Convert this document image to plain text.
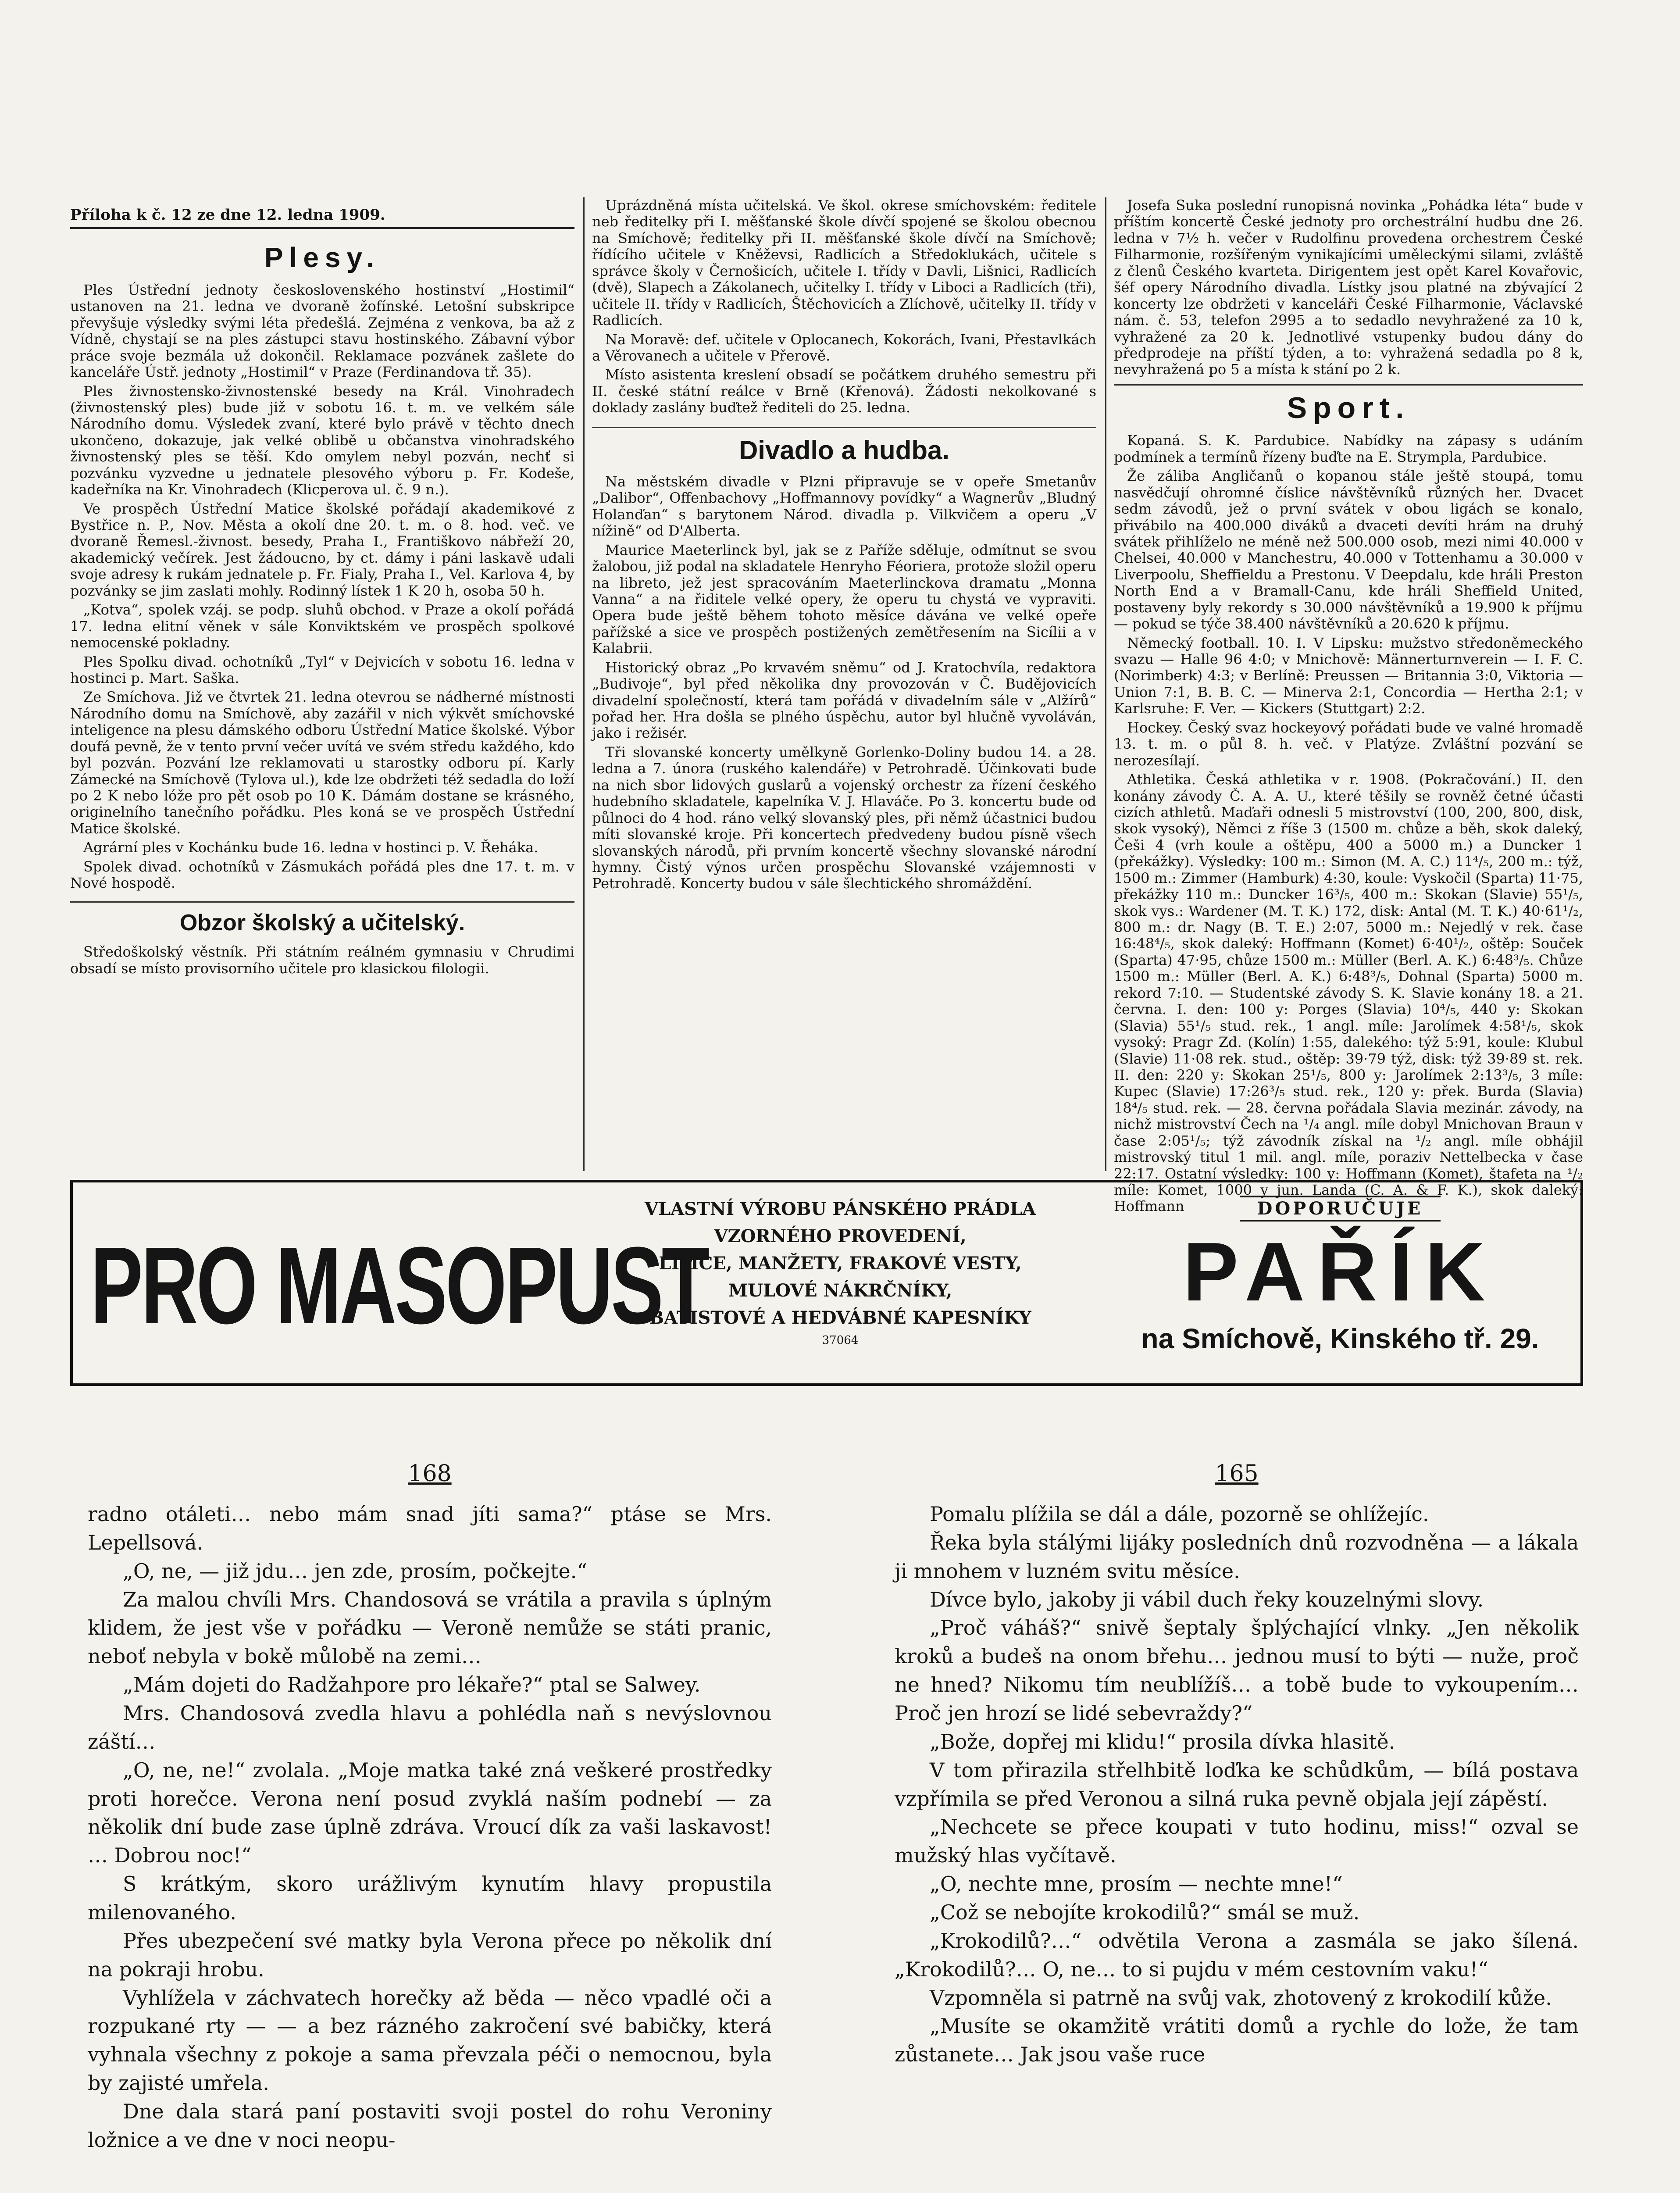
Příloha k č. 12 ze dne 12. ledna 1909.
Plesy.

Ples Ústřední jednoty československého hostinství „Hostimil“ ustanoven na 21. ledna ve dvoraně žofínské. Letošní subskripce převyšuje výsledky svými léta předešlá. Zejména z venkova, ba až z Vídně, chystají se na ples zástupci stavu hostinského. Zábavní výbor práce svoje bezmála už dokončil. Reklamace pozvánek zašlete do kanceláře Ústř. jednoty „Hostimil“ v Praze (Ferdinandova tř. 35).

Ples živnostensko-živnostenské besedy na Král. Vinohradech (živnostenský ples) bude již v sobotu 16. t. m. ve velkém sále Národního domu. Výsledek zvaní, které bylo právě v těchto dnech ukončeno, dokazuje, jak velké oblibě u občanstva vinohradského živnostenský ples se těší. Kdo omylem nebyl pozván, nechť si pozvánku vyzvedne u jednatele plesového výboru p. Fr. Kodeše, kadeřníka na Kr. Vinohradech (Klicperova ul. č. 9 n.).

Ve prospěch Ústřední Matice školské pořádají akademikové z Bystřice n. P., Nov. Města a okolí dne 20. t. m. o 8. hod. več. ve dvoraně Řemesl.-živnost. besedy, Praha I., Františkovo nábřeží 20, akademický večírek. Jest žádoucno, by ct. dámy i páni laskavě udali svoje adresy k rukám jednatele p. Fr. Fialy, Praha I., Vel. Karlova 4, by pozvánky se jim zaslati mohly. Rodinný lístek 1 K 20 h, osoba 50 h.

„Kotva“, spolek vzáj. se podp. sluhů obchod. v Praze a okolí pořádá 17. ledna elitní věnek v sále Konviktském ve prospěch spolkové nemocenské pokladny.

Ples Spolku divad. ochotníků „Tyl“ v Dejvicích v sobotu 16. ledna v hostinci p. Mart. Saška.

Ze Smíchova. Již ve čtvrtek 21. ledna otevrou se nádherné místnosti Národního domu na Smíchově, aby zazářil v nich výkvět smíchovské inteligence na plesu dámského odboru Ústřední Matice školské. Výbor doufá pevně, že v tento první večer uvítá ve svém středu každého, kdo byl pozván. Pozvání lze reklamovati u starostky odboru pí. Karly Zámecké na Smíchově (Tylova ul.), kde lze obdržeti též sedadla do loží po 2 K nebo lóže pro pět osob po 10 K. Dámám dostane se krásného, originelního tanečního pořádku. Ples koná se ve prospěch Ústřední Matice školské.

Agrární ples v Kochánku bude 16. ledna v hostinci p. V. Řeháka.

Spolek divad. ochotníků v Zásmukách pořádá ples dne 17. t. m. v Nové hospodě.

Obzor školský a učitelský.

Středoškolský věstník. Při státním reálném gymnasiu v Chrudimi obsadí se místo provisorního učitele pro klasickou filologii.

Uprázdněná místa učitelská. Ve škol. okrese smíchovském: ředitele neb ředitelky při I. měšťanské škole dívčí spojené se školou obecnou na Smíchově; ředitelky při II. měšťanské škole dívčí na Smíchově; řídícího učitele v Kněževsi, Radlicích a Středoklukách, učitele s správce školy v Černošicích, učitele I. třídy v Davli, Lišnici, Radlicích (dvě), Slapech a Zákolanech, učitelky I. třídy v Liboci a Radlicích (tři), učitele II. třídy v Radlicích, Štěchovicích a Zlíchově, učitelky II. třídy v Radlicích.

Na Moravě: def. učitele v Oplocanech, Kokorách, Ivani, Přestavlkách a Věrovanech a učitele v Přerově.

Místo asistenta kreslení obsadí se počátkem druhého semestru při II. české státní reálce v Brně (Křenová). Žádosti nekolkované s doklady zaslány buďtež řediteli do 25. ledna.

Divadlo a hudba.

Na městském divadle v Plzni připravuje se v opeře Smetanův „Dalibor“, Offenbachovy „Hoffmannovy povídky“ a Wagnerův „Bludný Holanďan“ s barytonem Národ. divadla p. Vilkvičem a operu „V nížině“ od D'Alberta.

Maurice Maeterlinck byl, jak se z Paříže sděluje, odmítnut se svou žalobou, již podal na skladatele Henryho Féoriera, protože složil operu na libreto, jež jest spracováním Maeterlinckova dramatu „Monna Vanna“ a na řiditele velké opery, že operu tu chystá ve vypraviti. Opera bude ještě během tohoto měsíce dávána ve velké opeře pařížské a sice ve prospěch postižených zemětřesením na Sicílii a v Kalabrii.

Historický obraz „Po krvavém sněmu“ od J. Kratochvíla, redaktora „Budivoje“, byl před několika dny provozován v Č. Budějovicích divadelní společností, která tam pořádá v divadelním sále v „Alžírů“ pořad her. Hra došla se plného úspěchu, autor byl hlučně vyvoláván, jako i režisér.

Tři slovanské koncerty umělkyně Gorlenko-Doliny budou 14. a 28. ledna a 7. února (ruského kalendáře) v Petrohradě. Účinkovati bude na nich sbor lidových guslarů a vojenský orchestr za řízení českého hudebního skladatele, kapelníka V. J. Hlaváče. Po 3. koncertu bude od půlnoci do 4 hod. ráno velký slovanský ples, při němž účastnici budou míti slovanské kroje. Při koncertech předvedeny budou písně všech slovanských národů, při prvním koncertě všechny slovanské národní hymny. Čistý výnos určen prospěchu Slovanské vzájemnosti v Petrohradě. Koncerty budou v sále šlechtického shromáždění.

Josefa Suka poslední runopisná novinka „Pohádka léta“ bude v příštím koncertě České jednoty pro orchestrální hudbu dne 26. ledna v 7½ h. večer v Rudolfinu provedena orchestrem České Filharmonie, rozšířeným vynikajícími uměleckými silami, zvláště z členů Českého kvarteta. Dirigentem jest opět Karel Kovařovic, šéf opery Národního divadla. Lístky jsou platné na zbývající 2 koncerty lze obdržeti v kanceláři České Filharmonie, Václavské nám. č. 53, telefon 2995 a to sedadlo nevyhražené za 10 k, vyhražené za 20 k. Jednotlivé vstupenky budou dány do předprodeje na příští týden, a to: vyhražená sedadla po 8 k, nevyhražená po 5 a místa k stání po 2 k.

Sport.

Kopaná. S. K. Pardubice. Nabídky na zápasy s udáním podmínek a termínů řízeny buďte na E. Strympla, Pardubice.

Že záliba Angličanů o kopanou stále ještě stoupá, tomu nasvědčují ohromné číslice návštěvníků různých her. Dvacet sedm závodů, jež o první svátek v obou ligách se konalo, přivábilo na 400.000 diváků a dvaceti devíti hrám na druhý svátek přihlíželo ne méně než 500.000 osob, mezi nimi 40.000 v Chelsei, 40.000 v Manchestru, 40.000 v Tottenhamu a 30.000 v Liverpoolu, Sheffieldu a Prestonu. V Deepdalu, kde hráli Preston North End a v Bramall-Canu, kde hráli Sheffield United, postaveny byly rekordy s 30.000 návštěvníků a 19.900 k příjmu — pokud se týče 38.400 návštěvníků a 20.620 k příjmu.

Německý football. 10. I. V Lipsku: mužstvo středoněmeckého svazu — Halle 96 4:0; v Mnichově: Männerturnverein — I. F. C. (Norimberk) 4:3; v Berlíně: Preussen — Britannia 3:0, Viktoria — Union 7:1, B. B. C. — Minerva 2:1, Concordia — Hertha 2:1; v Karlsruhe: F. Ver. — Kickers (Stuttgart) 2:2.

Hockey. Český svaz hockeyový pořádati bude ve valné hromadě 13. t. m. o půl 8. h. več. v Platýze. Zvláštní pozvání se nerozesílají.

Athletika. Česká athletika v r. 1908. (Pokračování.) II. den konány závody Č. A. A. U., které těšily se rovněž četné účasti cizích athletů. Maďaři odnesli 5 mistrovství (100, 200, 800, disk, skok vysoký), Němci z říše 3 (1500 m. chůze a běh, skok daleký, Češi 4 (vrh koule a oštěpu, 400 a 5000 m.) a Duncker 1 (překážky). Výsledky: 100 m.: Simon (M. A. C.) 11⁴/₅, 200 m.: týž, 1500 m.: Zimmer (Hamburk) 4:30, koule: Vyskočil (Sparta) 11·75, překážky 110 m.: Duncker 16³/₅, 400 m.: Skokan (Slavie) 55¹/₅, skok vys.: Wardener (M. T. K.) 172, disk: Antal (M. T. K.) 40·61¹/₂, 800 m.: dr. Nagy (B. T. E.) 2:07, 5000 m.: Nejedlý v rek. čase 16:48⁴/₅, skok daleký: Hoffmann (Komet) 6·40¹/₂, oštěp: Souček (Sparta) 47·95, chůze 1500 m.: Müller (Berl. A. K.) 6:48³/₅. Chůze 1500 m.: Müller (Berl. A. K.) 6:48³/₅, Dohnal (Sparta) 5000 m. rekord 7:10. — Studentské závody S. K. Slavie konány 18. a 21. června. I. den: 100 y: Porges (Slavia) 10⁴/₅, 440 y: Skokan (Slavia) 55¹/₅ stud. rek., 1 angl. míle: Jarolímek 4:58¹/₅, skok vysoký: Pragr Zd. (Kolín) 1:55, dalekého: týž 5:91, koule: Klubul (Slavie) 11·08 rek. stud., oštěp: 39·79 týž, disk: týž 39·89 st. rek. II. den: 220 y: Skokan 25¹/₅, 800 y: Jarolímek 2:13³/₅, 3 míle: Kupec (Slavie) 17:26³/₅ stud. rek., 120 y: přek. Burda (Slavia) 18⁴/₅ stud. rek. — 28. června pořádala Slavia mezinár. závody, na nichž mistrovství Čech na ¹/₄ angl. míle dobyl Mnichovan Braun v čase 2:05¹/₅; týž závodník získal na ¹/₂ angl. míle obhájil mistrovský titul 1 mil. angl. míle, poraziv Nettelbecka v čase 22:17. Ostatní výsledky: 100 y: Hoffmann (Komet), štafeta na ¹/₂ míle: Komet, 1000 y jun. Landa (C. A. & F. K.), skok daleký: Hoffmann

PRO MASOPUST
VLASTNÍ VÝROBU PÁNSKÉHO PRÁDLA
VZORNÉHO PROVEDENÍ,
LÍMCE, MANŽETY, FRAKOVÉ VESTY,
MULOVÉ NÁKRČNÍKY,
BATISTOVÉ A HEDVÁBNÉ KAPESNÍKY
37064
DOPORUČUJE
PAŘÍK
na Smíchově, Kinského tř. 29.
168

radno otáleti… nebo mám snad jíti sama?“ ptáse se Mrs. Lepellsová.

„O, ne, — již jdu… jen zde, prosím, počkejte.“

Za malou chvíli Mrs. Chandosová se vrátila a pravila s úplným klidem, že jest vše v pořádku — Veroně nemůže se státi pranic, neboť nebyla v bokě můlobě na zemi…

„Mám dojeti do Radžahpore pro lékaře?“ ptal se Salwey.

Mrs. Chandosová zvedla hlavu a pohlédla naň s nevýslovnou záští…

„O, ne, ne!“ zvolala. „Moje matka také zná veškeré prostředky proti horečce. Verona není posud zvyklá naším podnebí — za několik dní bude zase úplně zdráva. Vroucí dík za vaši laskavost! … Dobrou noc!“

S krátkým, skoro urážlivým kynutím hlavy propustila milenovaného.

Přes ubezpečení své matky byla Verona přece po několik dní na pokraji hrobu.

Vyhlížela v záchvatech horečky až běda — něco vpadlé oči a rozpukané rty — — a bez rázného zakročení své babičky, která vyhnala všechny z pokoje a sama převzala péči o nemocnou, byla by zajisté umřela.

Dne dala stará paní postaviti svoji postel do rohu Veroniny ložnice a ve dne v noci neopu-

165

Pomalu plížila se dál a dále, pozorně se ohlížejíc.

Řeka byla stálými lijáky posledních dnů rozvodněna — a lákala ji mnohem v luzném svitu měsíce.

Dívce bylo, jakoby ji vábil duch řeky kouzelnými slovy.

„Proč váháš?“ snivě šeptaly šplýchající vlnky. „Jen několik kroků a budeš na onom břehu… jednou musí to býti — nuže, proč ne hned? Nikomu tím neublížíš… a tobě bude to vykoupením… Proč jen hrozí se lidé sebevraždy?“

„Bože, dopřej mi klidu!“ prosila dívka hlasitě.

V tom přirazila střelhbitě loďka ke schůdkům, — bílá postava vzpřímila se před Veronou a silná ruka pevně objala její zápěstí.

„Nechcete se přece koupati v tuto hodinu, miss!“ ozval se mužský hlas vyčítavě.

„O, nechte mne, prosím — nechte mne!“

„Což se nebojíte krokodilů?“ smál se muž.

„Krokodilů?…“ odvětila Verona a zasmála se jako šílená. „Krokodilů?… O, ne… to si pujdu v mém cestovním vaku!“

Vzpomněla si patrně na svůj vak, zhotovený z krokodilí kůže.

„Musíte se okamžitě vrátiti domů a rychle do lože, že tam zůstanete… Jak jsou vaše ruce
